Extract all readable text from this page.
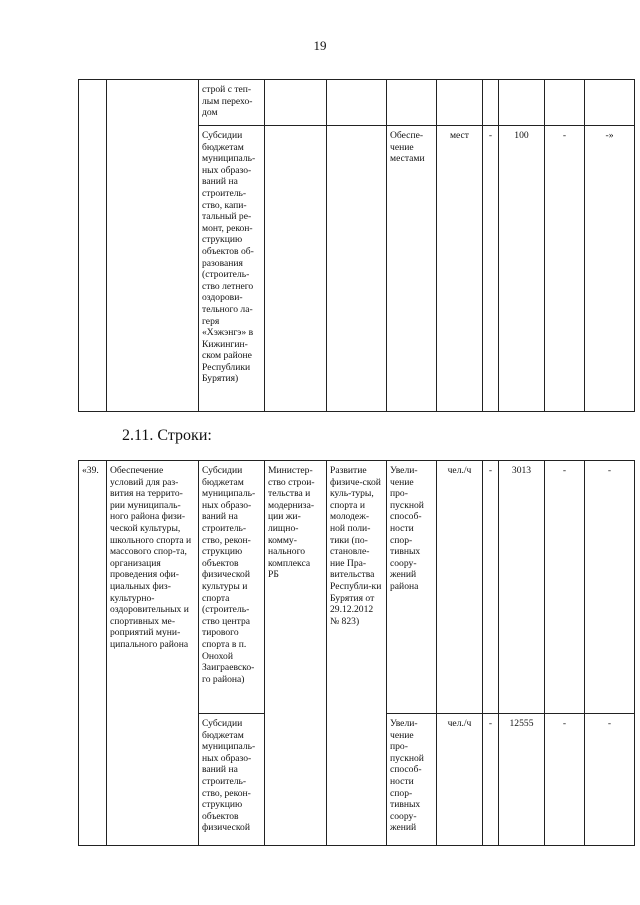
19
		строй с теп-лым перехо-дом								
		Субсидии бюджетам муниципаль-ных образо-ваний на строитель-ство, капи-тальный ре-монт, рекон-струкцию объектов об-разования (строитель-ство летнего оздорови-тельного ла-геря «Хэжэнгэ» в Кижингин-ском районе Республики Бурятия)			Обеспе-чение местами	мест	-	100	-	-»
2.11. Строки:
«39.	Обеспечение условий для раз-вития на террито-рии муниципаль-ного района физи-ческой культуры, школьного спорта и массового спор-та, организация проведения офи-циальных физ-культурно-оздоровительных и спортивных ме-роприятий муни-ципального района	Субсидии бюджетам муниципаль-ных образо-ваний на строитель-ство, рекон-струкцию объектов физической культуры и спорта (строитель-ство центра тирового спорта в п. Онохой Заиграевско-го района)	Министер-ство строи-тельства и модерниза-ции жи-лищно-комму-нального комплекса РБ	Развитие физиче-ской куль-туры, спорта и молодеж-ной поли-тики (по-становле-ние Пра-вительства Республи-ки Бурятия от 29.12.2012 № 823)	Увели-чение про-пускной способ-ности спор-тивных соору-жений района	чел./ч	-	3013	-	-
		Субсидии бюджетам муниципаль-ных образо-ваний на строитель-ство, рекон-струкцию объектов физической			Увели-чение про-пускной способ-ности спор-тивных соору-жений	чел./ч	-	12555	-	-
